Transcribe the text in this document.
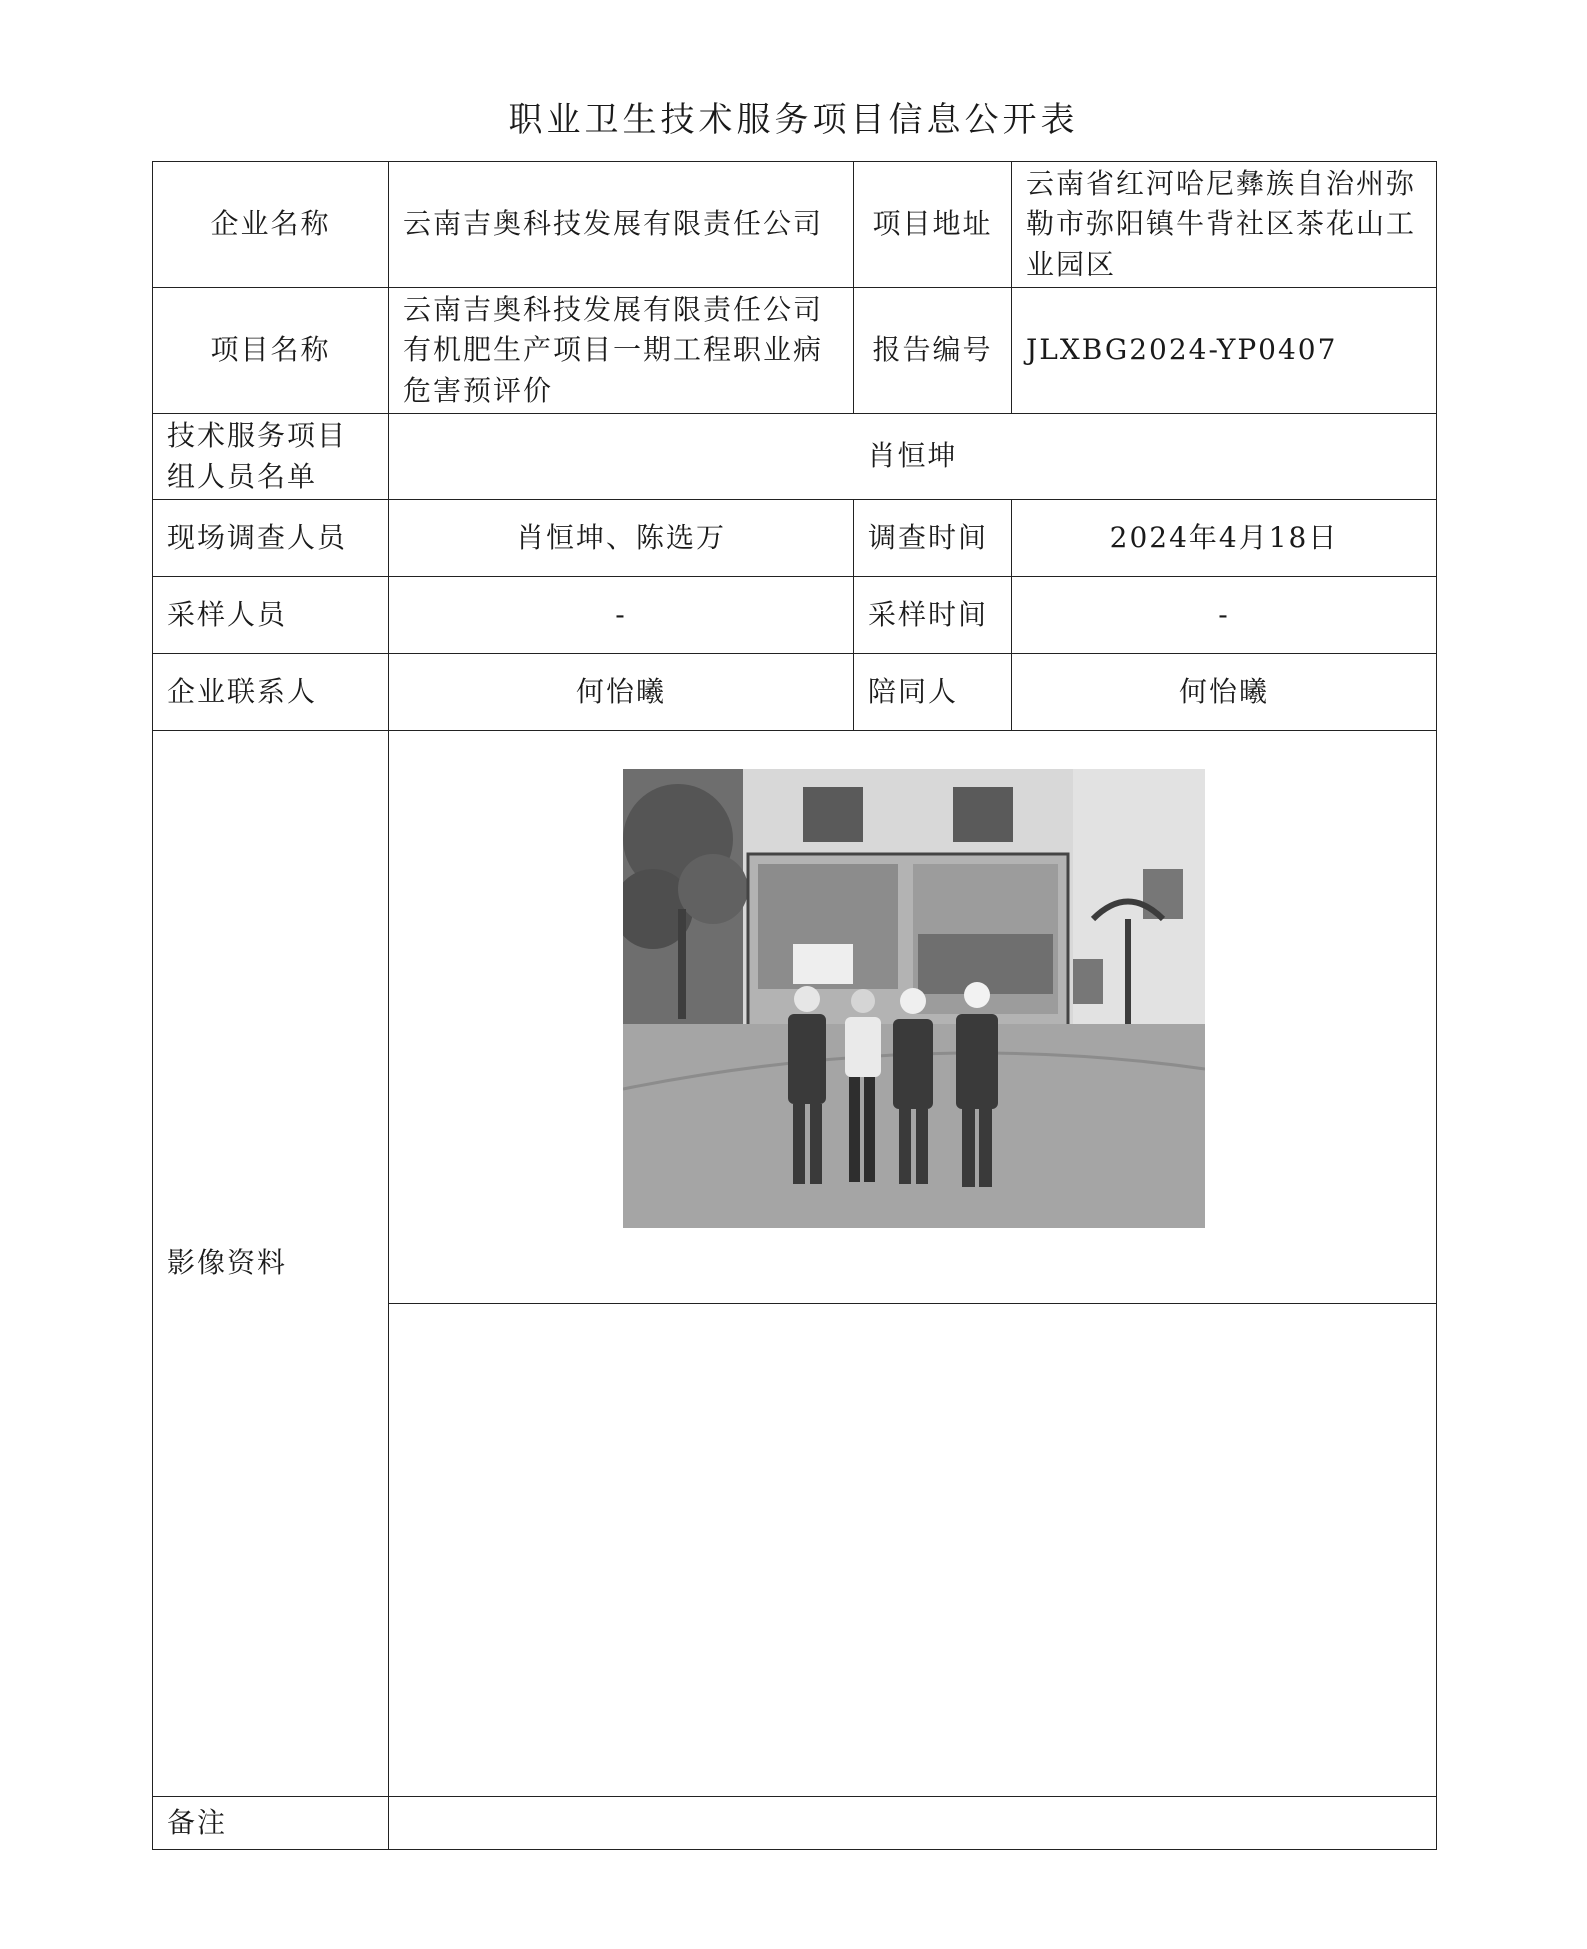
职业卫生技术服务项目信息公开表
企业名称	云南吉奥科技发展有限责任公司	项目地址	云南省红河哈尼彝族自治州弥勒市弥阳镇牛背社区茶花山工业园区
项目名称	云南吉奥科技发展有限责任公司有机肥生产项目一期工程职业病危害预评价	报告编号	JLXBG2024-YP0407
技术服务项目组人员名单	肖恒坤		
现场调查人员	肖恒坤、陈选万	调查时间	2024年4月18日
采样人员	-	采样时间	-
企业联系人	何怡曦	陪同人	何怡曦
影像资料	

备注			
